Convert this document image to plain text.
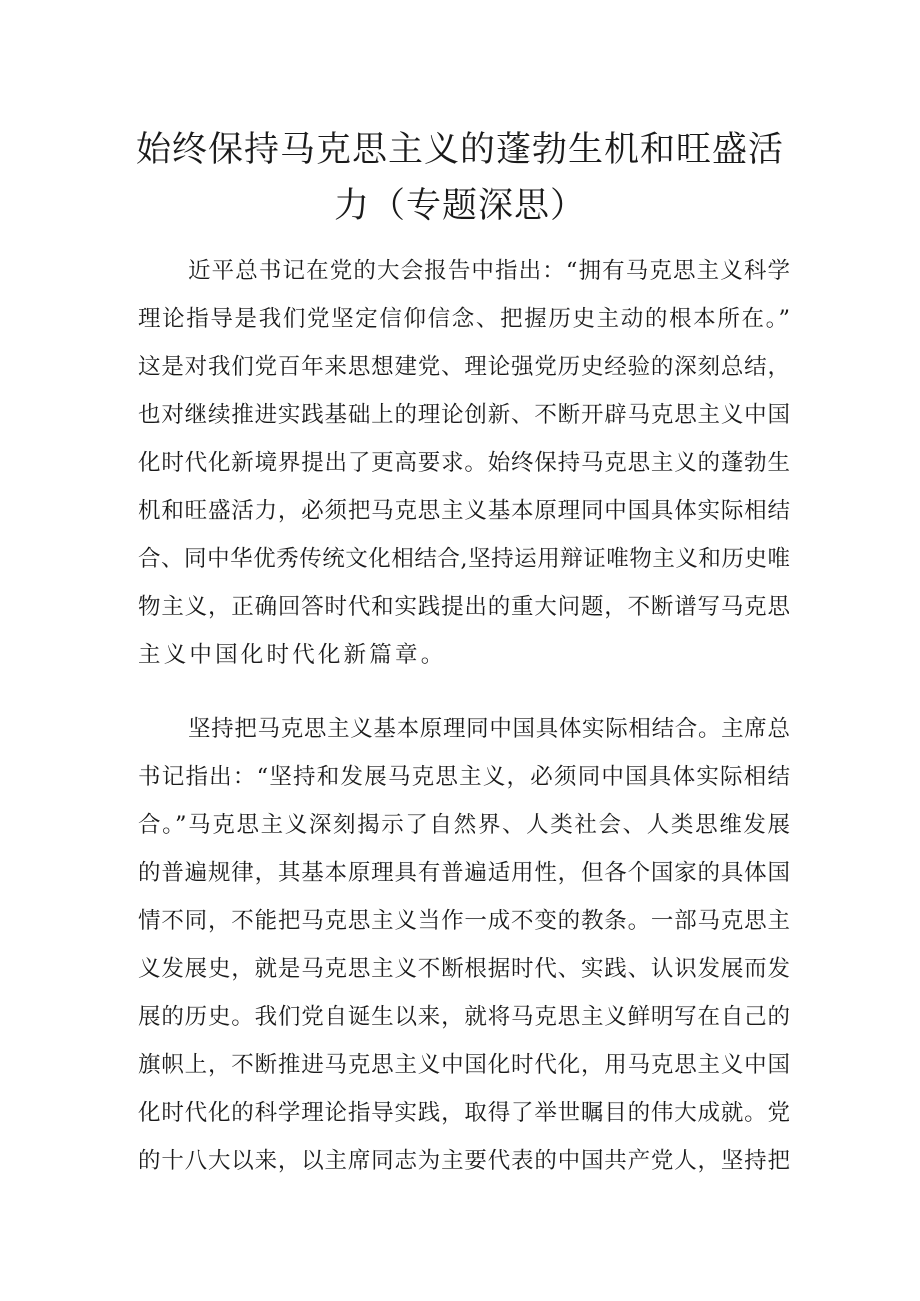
始终保持马克思主义的蓬勃生机和旺盛活力（专题深思）
近平总书记在党的大会报告中指出：“拥有马克思主义科学
理论指导是我们党坚定信仰信念、把握历史主动的根本所在。”
这是对我们党百年来思想建党、理论强党历史经验的深刻总结，
也对继续推进实践基础上的理论创新、不断开辟马克思主义中国
化时代化新境界提出了更高要求。始终保持马克思主义的蓬勃生
机和旺盛活力，必须把马克思主义基本原理同中国具体实际相结
合、同中华优秀传统文化相结合,坚持运用辩证唯物主义和历史唯
物主义，正确回答时代和实践提出的重大问题，不断谱写马克思
主义中国化时代化新篇章。
坚持把马克思主义基本原理同中国具体实际相结合。主席总
书记指出：“坚持和发展马克思主义，必须同中国具体实际相结
合。”马克思主义深刻揭示了自然界、人类社会、人类思维发展
的普遍规律，其基本原理具有普遍适用性，但各个国家的具体国
情不同，不能把马克思主义当作一成不变的教条。一部马克思主
义发展史，就是马克思主义不断根据时代、实践、认识发展而发
展的历史。我们党自诞生以来，就将马克思主义鲜明写在自己的
旗帜上，不断推进马克思主义中国化时代化，用马克思主义中国
化时代化的科学理论指导实践，取得了举世瞩目的伟大成就。党
的十八大以来，以主席同志为主要代表的中国共产党人，坚持把
